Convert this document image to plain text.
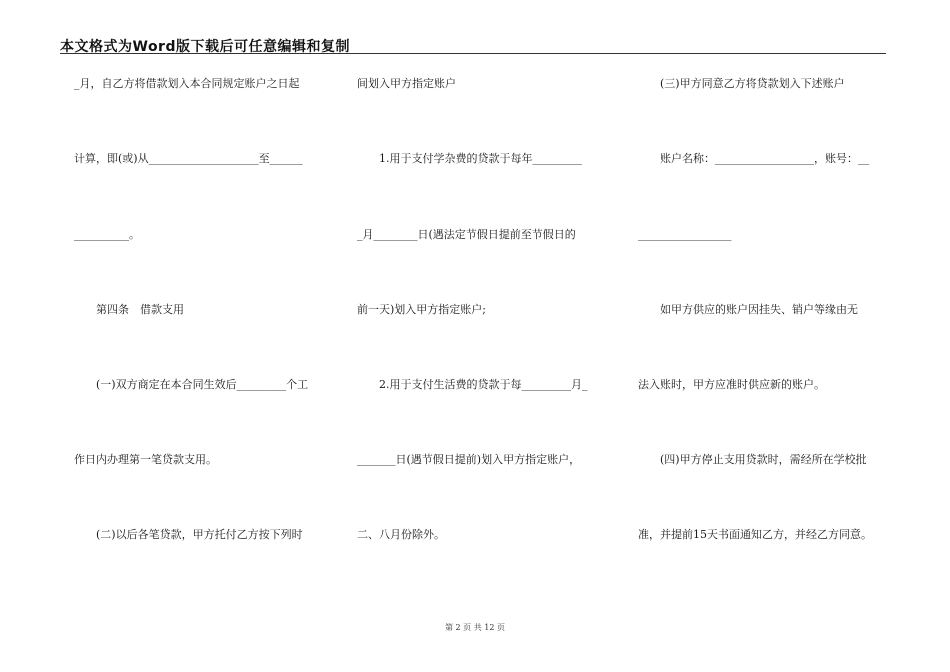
本文格式为Word版下载后可任意编辑和复制
_月，自乙方将借款划入本合同规定账户之日起
计算，即(或)从____________________至______
__________。
　　第四条　借款支用
　　(一)双方商定在本合同生效后_________个工
作日内办理第一笔贷款支用。
　　(二)以后各笔贷款，甲方托付乙方按下列时
间划入甲方指定账户
　　1.用于支付学杂费的贷款于每年_________
_月________日(遇法定节假日提前至节假日的
前一天)划入甲方指定账户;
　　2.用于支付生活费的贷款于每_________月_
_______日(遇节假日提前)划入甲方指定账户，
二、八月份除外。
　　(三)甲方同意乙方将贷款划入下述账户
　　账户名称：__________________，账号：__
_________________
　　如甲方供应的账户因挂失、销户等缘由无
法入账时，甲方应准时供应新的账户。
　　(四)甲方停止支用贷款时，需经所在学校批
准，并提前15天书面通知乙方，并经乙方同意。
第 2 页 共 12 页
